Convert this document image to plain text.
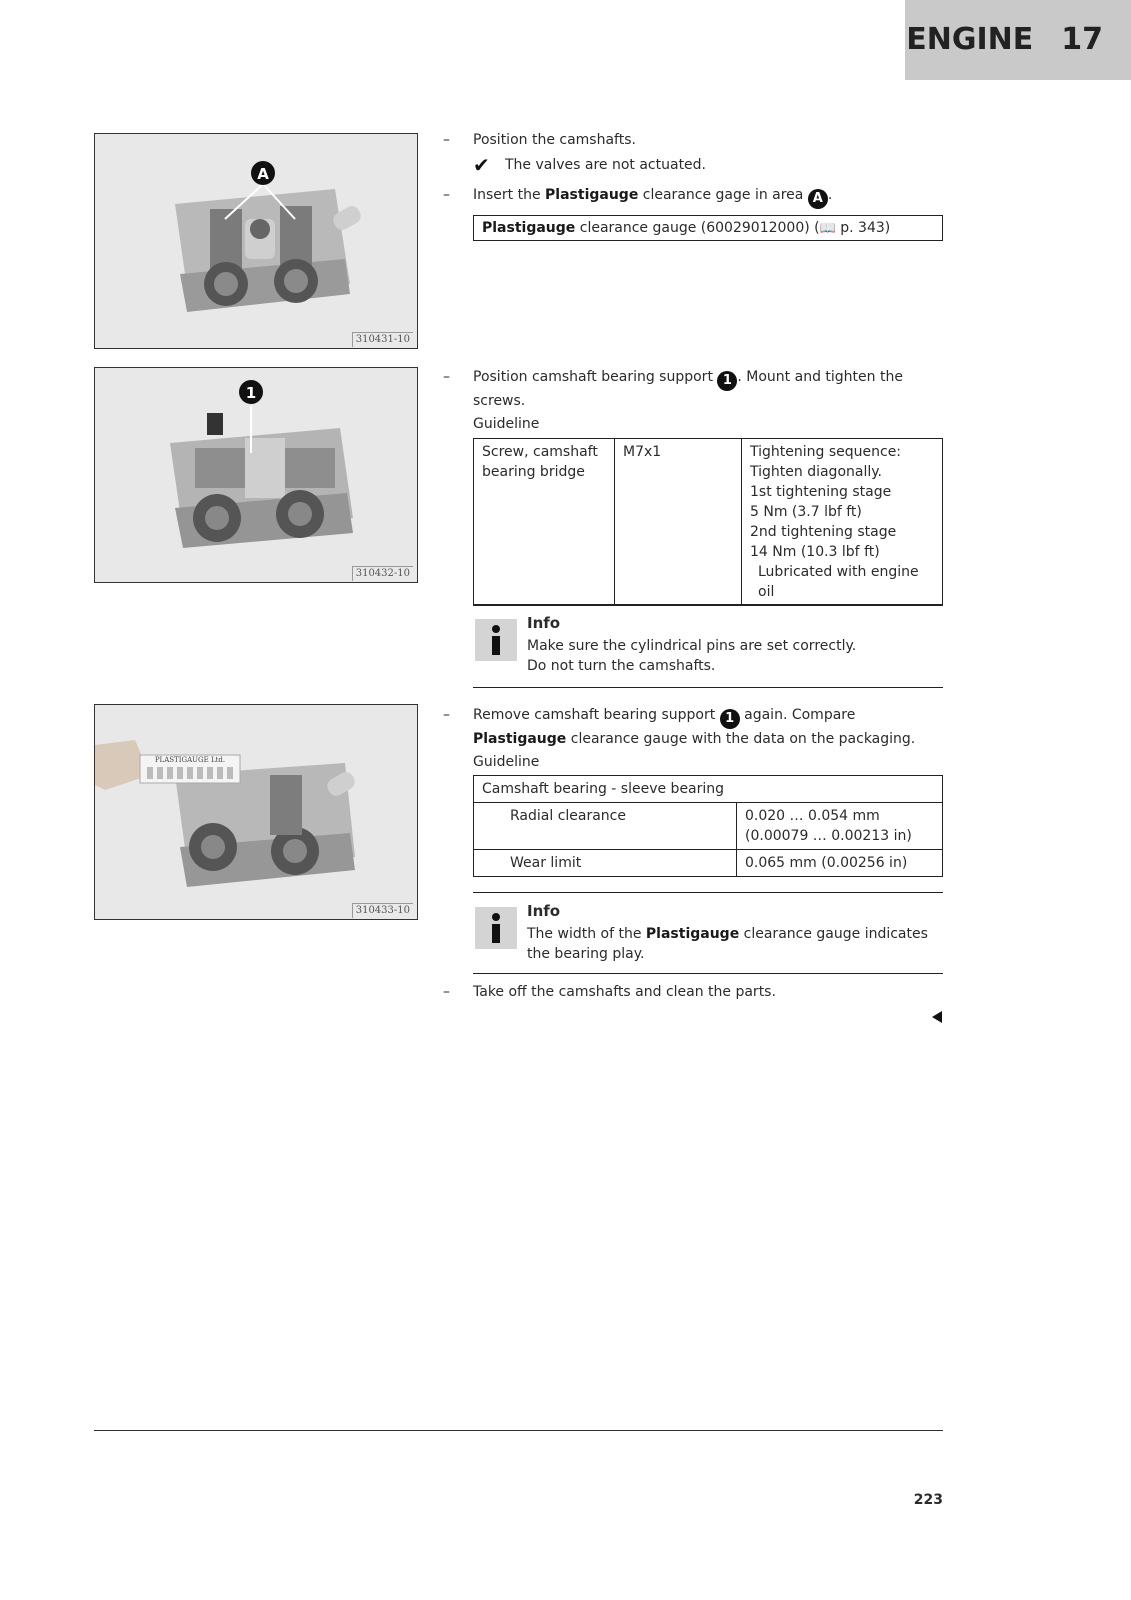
ENGINE 17
A
310431-10
1
310432-10
PLASTIGAUGE Ltd.
310433-10
–	Position the camshafts.
✔ The valves are not actuated.
–	Insert the Plastigauge clearance gage in area A .
Plastigauge clearance gauge (60029012000) (📖 p. 343)
–	Position camshaft bearing support 1 . Mount and tighten the screws.
Guideline
Screw, camshaft bearing bridge	M7x1	Tightening sequence:
Tighten diagonally.
1st tightening stage
5 Nm (3.7 lbf ft)
2nd tightening stage
14 Nm (10.3 lbf ft)
Lubricated with engine oil
Info
Make sure the cylindrical pins are set correctly.
Do not turn the camshafts.
–	Remove camshaft bearing support 1 again. Compare Plastigauge clearance gauge with the data on the packaging.
Guideline
Camshaft bearing - sleeve bearing	
Radial clearance	0.020 … 0.054 mm (0.00079 … 0.00213 in)
Wear limit	0.065 mm (0.00256 in)
Info
The width of the Plastigauge clearance gauge indicates the bearing play.
–	Take off the camshafts and clean the parts.
223
